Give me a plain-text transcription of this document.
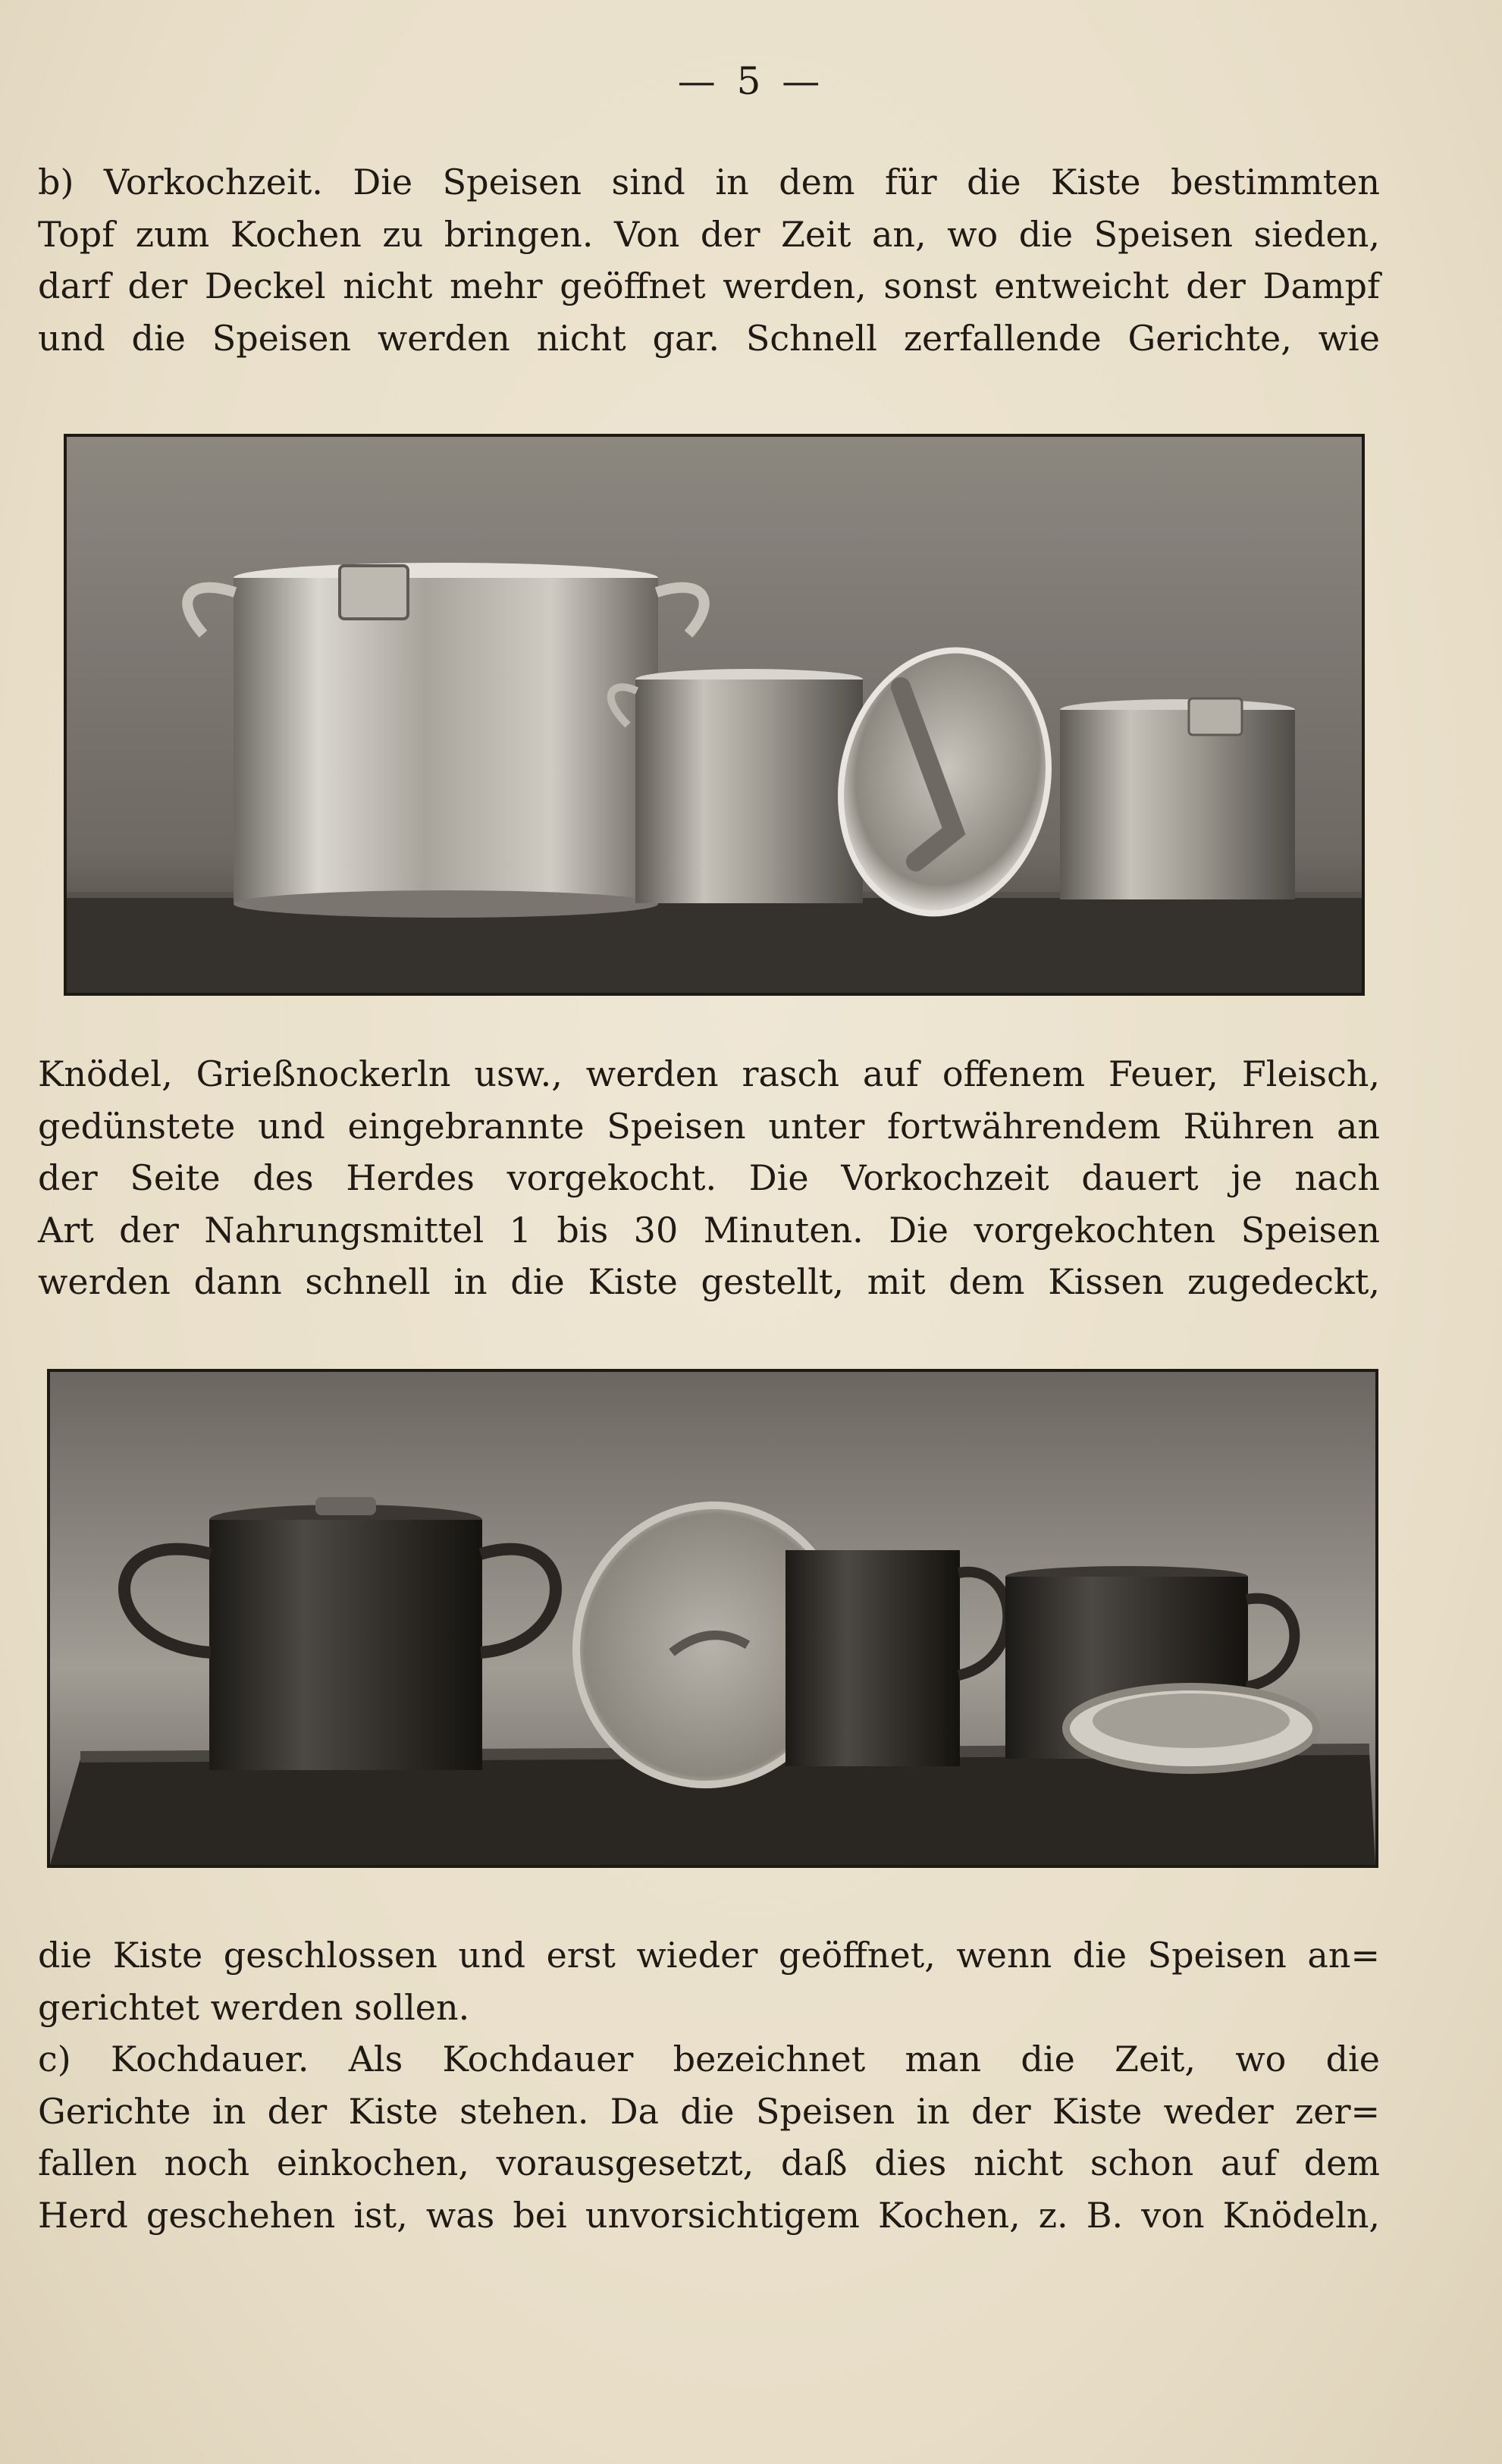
— 5 —

b) Vorkochzeit. Die Speisen sind in dem für die Kiste bestimmten
Topf zum Kochen zu bringen. Von der Zeit an, wo die Speisen sieden,
darf der Deckel nicht mehr geöffnet werden, sonst entweicht der Dampf
und die Speisen werden nicht gar. Schnell zerfallende Gerichte, wie

Knödel, Grießnockerln usw., werden rasch auf offenem Feuer, Fleisch,
gedünstete und eingebrannte Speisen unter fortwährendem Rühren an
der Seite des Herdes vorgekocht. Die Vorkochzeit dauert je nach
Art der Nahrungsmittel 1 bis 30 Minuten. Die vorgekochten Speisen
werden dann schnell in die Kiste gestellt, mit dem Kissen zugedeckt,

die Kiste geschlossen und erst wieder geöffnet, wenn die Speisen an=

gerichtet werden sollen.

c) Kochdauer. Als Kochdauer bezeichnet man die Zeit, wo die
Gerichte in der Kiste stehen. Da die Speisen in der Kiste weder zer=
fallen noch einkochen, vorausgesetzt, daß dies nicht schon auf dem
Herd geschehen ist, was bei unvorsichtigem Kochen, z. B. von Knödeln,
